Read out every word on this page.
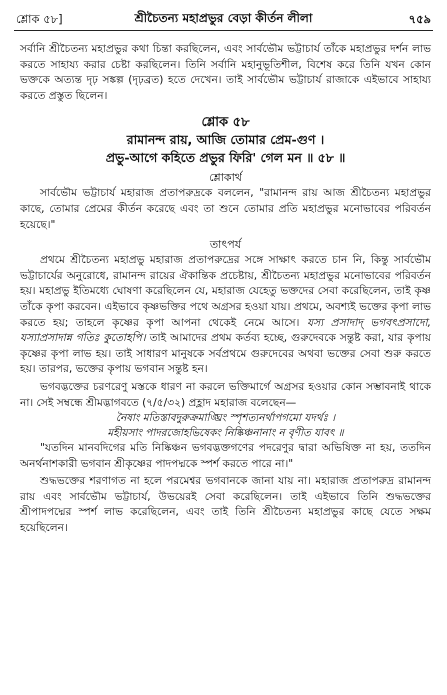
শ্লোক ৫৮]	শ্রীচৈতন্য মহাপ্রভুর বেড়া কীর্তন লীলা	৭৫৯

সর্বানি শ্রীচৈতন্য মহাপ্রভুর কথা চিন্তা করছিলেন, এবং সার্বভৌম ভট্টাচার্য তাঁকে মহাপ্রভুর দর্শন লাভ করতে সাহায্য করার চেষ্টা করছিলেন। তিনি সর্বানি মহানুভূতিশীল, বিশেষ করে তিনি যখন কোন ভক্তকে অত্যন্ত দৃঢ় সঙ্কল্প (দৃঢ়ব্রত) হতে দেখেন। তাই সার্বভৌম ভট্টাচার্য রাজাকে এইভাবে সাহায্য করতে প্রস্তুত ছিলেন।

শ্লোক ৫৮

রামানন্দ রায়, আজি তোমার প্রেম-গুণ ।

প্রভু-আগে কহিতে প্রভুর ফিরি' গেল মন ॥ ৫৮ ॥

শ্লোকার্থ

সার্বভৌম ভট্টাচার্য মহারাজ প্রতাপরুদ্রকে বললেন, "রামানন্দ রায় আজ শ্রীচৈতন্য মহাপ্রভুর কাছে, তোমার প্রেমের কীর্তন করেছে এবং তা শুনে তোমার প্রতি মহাপ্রভুর মনোভাবের পরিবর্তন হয়েছে।"

তাৎপর্য

প্রথমে শ্রীচৈতন্য মহাপ্রভু মহারাজ প্রতাপরুদ্রের সঙ্গে সাক্ষাৎ করতে চান নি, কিন্তু সার্বভৌম ভট্টাচার্যের অনুরোধে, রামানন্দ রায়ের ঐকান্তিক প্রচেষ্টায়, শ্রীচৈতন্য মহাপ্রভুর মনোভাবের পরিবর্তন হয়। মহাপ্রভু ইতিমধ্যে ঘোষণা করেছিলেন যে, মহারাজ যেহেতু ভক্তদের সেবা করেছিলেন, তাই কৃষ্ণ তাঁকে কৃপা করবেন। এইভাবে কৃষ্ণভক্তির পথে অগ্রসর হওয়া যায়। প্রথমে, অবশ্যই ভক্তের কৃপা লাভ করতে হয়; তাহলে কৃষ্ণের কৃপা আপনা থেকেই নেমে আসে। যস্য প্রসাদাদ্ ভগবৎপ্রসাদো, যস্যাপ্রসাদান্ন গতিঃ কুতোহপি। তাই আমাদের প্রথম কর্তব্য হচ্ছে, গুরুদেবকে সন্তুষ্ট করা, যার কৃপায় কৃষ্ণের কৃপা লাভ হয়। তাই সাধারণ মানুষকে সর্বপ্রথমে গুরুদেবের অথবা ভক্তের সেবা শুরু করতে হয়। তারপর, ভক্তের কৃপায় ভগবান সন্তুষ্ট হন।

ভগবদ্ভক্তের চরণরেণু মস্তকে ধারণ না করলে ভক্তিমার্গে অগ্রসর হওয়ার কোন সম্ভাবনাই থাকে না। সেই সম্বন্ধে শ্রীমদ্ভাগবতে (৭/৫/৩২) প্রহ্লাদ মহারাজ বলেছেন—

নৈষাং মতিস্তাবদুরুক্রমাঙ্ঘ্রিং স্পৃশত্যনর্থাপগমো যদর্থঃ ।

মহীয়সাং পাদরজোহভিষেকং নিষ্কিঞ্চনানাং ন বৃণীত যাবৎ ॥

"যতদিন মানবদিগের মতি নিষ্কিঞ্চন ভগবদ্ভক্তগণের পদরেণুর দ্বারা অভিষিক্ত না হয়, ততদিন অনর্থনাশকারী ভগবান শ্রীকৃষ্ণের পাদপদ্মকে স্পর্শ করতে পারে না।"

শুদ্ধভক্তের শরণাগত না হলে পরমেশ্বর ভগবানকে জানা যায় না। মহারাজ প্রতাপরুদ্র রামানন্দ রায় এবং সার্বভৌম ভট্টাচার্য, উভয়েরই সেবা করেছিলেন। তাই এইভাবে তিনি শুদ্ধভক্তের শ্রীপাদপদ্মের স্পর্শ লাভ করেছিলেন, এবং তাই তিনি শ্রীচৈতন্য মহাপ্রভুর কাছে যেতে সক্ষম হয়েছিলেন।
